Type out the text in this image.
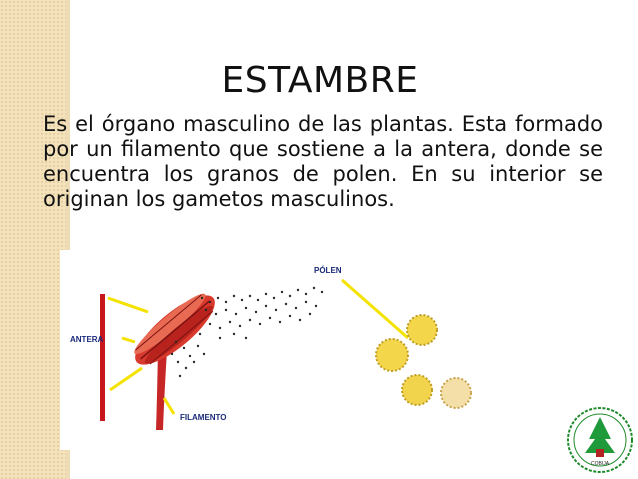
ESTAMBRE

Es el órgano masculino de las plantas. Esta formado por un filamento que sostiene a la antera, donde se encuentra los granos de polen. En su interior se originan los gametos masculinos.

ANTERA
PÓLEN
FILAMENTO
COBIJA
